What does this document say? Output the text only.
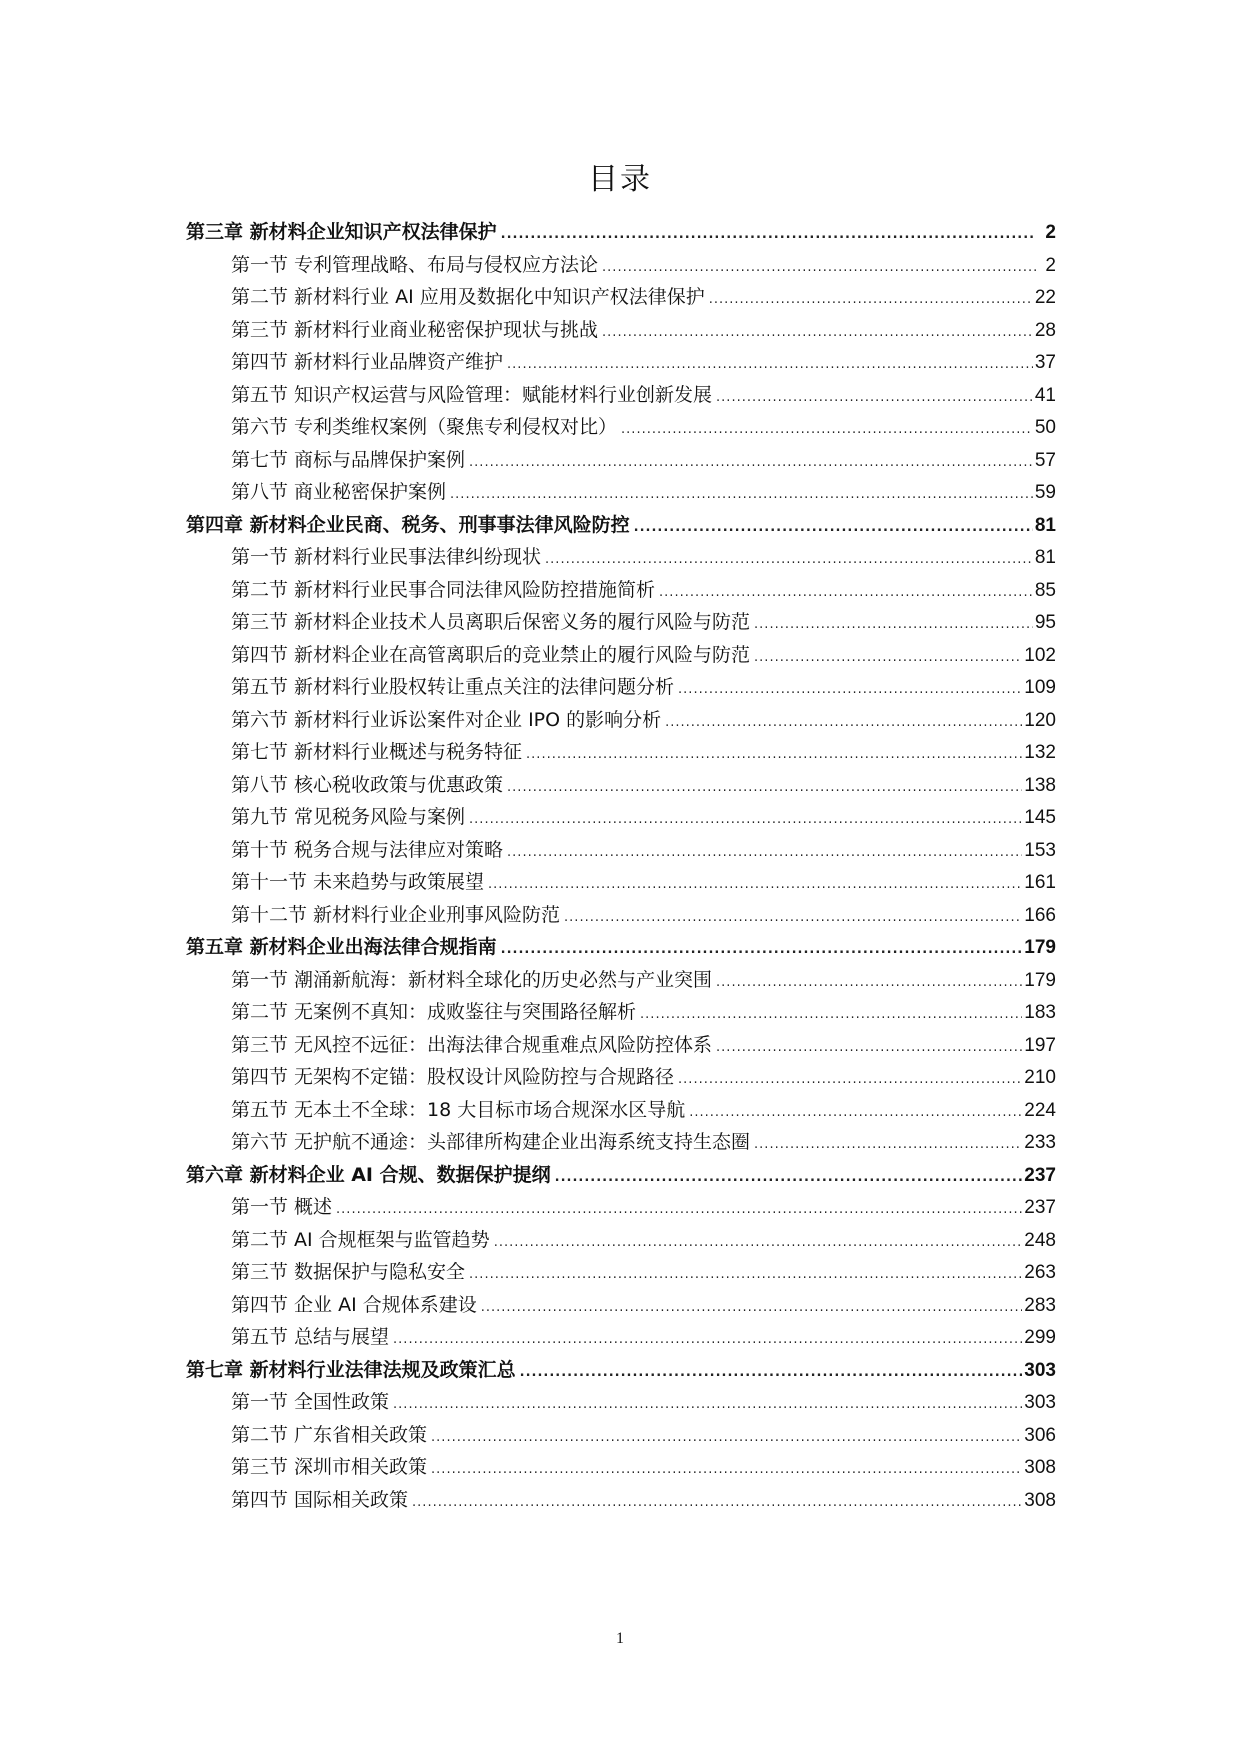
目录
第三章 新材料企业知识产权法律保护 .....	2
第一节 专利管理战略、布局与侵权应方法论 .....	2
第二节 新材料行业 AI 应用及数据化中知识产权法律保护 .....	22
第三节 新材料行业商业秘密保护现状与挑战 .....	28
第四节 新材料行业品牌资产维护 .....	37
第五节 知识产权运营与风险管理：赋能材料行业创新发展 .....	41
第六节 专利类维权案例（聚焦专利侵权对比） .....	50
第七节 商标与品牌保护案例 .....	57
第八节 商业秘密保护案例 .....	59
第四章 新材料企业民商、税务、刑事事法律风险防控 .....	81
第一节 新材料行业民事法律纠纷现状 .....	81
第二节 新材料行业民事合同法律风险防控措施简析 .....	85
第三节 新材料企业技术人员离职后保密义务的履行风险与防范 .....	95
第四节 新材料企业在高管离职后的竞业禁止的履行风险与防范 .....	102
第五节 新材料行业股权转让重点关注的法律问题分析 .....	109
第六节 新材料行业诉讼案件对企业 IPO 的影响分析 .....	120
第七节 新材料行业概述与税务特征 .....	132
第八节 核心税收政策与优惠政策 .....	138
第九节 常见税务风险与案例 .....	145
第十节 税务合规与法律应对策略 .....	153
第十一节 未来趋势与政策展望 .....	161
第十二节 新材料行业企业刑事风险防范 .....	166
第五章 新材料企业出海法律合规指南 .....	179
第一节 潮涌新航海：新材料全球化的历史必然与产业突围 .....	179
第二节 无案例不真知：成败鉴往与突围路径解析 .....	183
第三节 无风控不远征：出海法律合规重难点风险防控体系 .....	197
第四节 无架构不定锚：股权设计风险防控与合规路径 .....	210
第五节 无本土不全球：18 大目标市场合规深水区导航 .....	224
第六节 无护航不通途：头部律所构建企业出海系统支持生态圈 .....	233
第六章 新材料企业 AI 合规、数据保护提纲 .....	237
第一节 概述 .....	237
第二节 AI 合规框架与监管趋势 .....	248
第三节 数据保护与隐私安全 .....	263
第四节 企业 AI 合规体系建设 .....	283
第五节 总结与展望 .....	299
第七章 新材料行业法律法规及政策汇总 .....	303
第一节 全国性政策 .....	303
第二节 广东省相关政策 .....	306
第三节 深圳市相关政策 .....	308
第四节 国际相关政策 .....	308
1
